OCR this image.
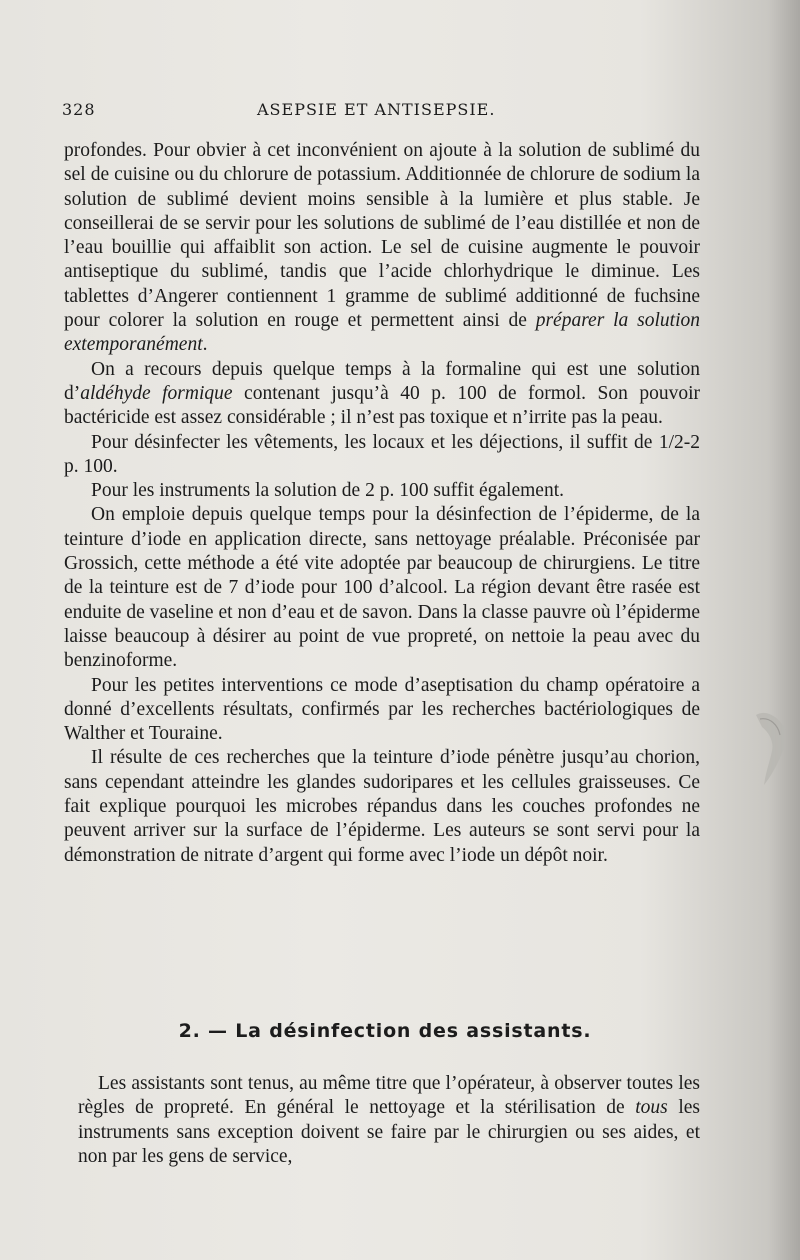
328	ASEPSIE ET ANTISEPSIE.

profondes. Pour obvier à cet inconvénient on ajoute à la solution de sublimé du sel de cuisine ou du chlorure de potassium. Additionnée de chlorure de sodium la solution de sublimé devient moins sensible à la lumière et plus stable. Je conseillerai de se servir pour les solutions de sublimé de l’eau distillée et non de l’eau bouillie qui affaiblit son action. Le sel de cuisine augmente le pouvoir antiseptique du sublimé, tandis que l’acide chlorhydrique le diminue. Les tablettes d’Angerer contiennent 1 gramme de sublimé additionné de fuchsine pour colorer la solution en rouge et permettent ainsi de préparer la solution extemporanément.

On a recours depuis quelque temps à la formaline qui est une solution d’aldéhyde formique contenant jusqu’à 40 p. 100 de formol. Son pouvoir bactéricide est assez considérable ; il n’est pas toxique et n’irrite pas la peau.

Pour désinfecter les vêtements, les locaux et les déjections, il suffit de 1/2-2 p. 100.

Pour les instruments la solution de 2 p. 100 suffit également.

On emploie depuis quelque temps pour la désinfection de l’épiderme, de la teinture d’iode en application directe, sans nettoyage préalable. Préconisée par Grossich, cette méthode a été vite adoptée par beaucoup de chirurgiens. Le titre de la teinture est de 7 d’iode pour 100 d’alcool. La région devant être rasée est enduite de vaseline et non d’eau et de savon. Dans la classe pauvre où l’épiderme laisse beaucoup à désirer au point de vue propreté, on nettoie la peau avec du benzinoforme.

Pour les petites interventions ce mode d’aseptisation du champ opératoire a donné d’excellents résultats, confirmés par les recherches bactériologiques de Walther et Touraine.

Il résulte de ces recherches que la teinture d’iode pénètre jusqu’au chorion, sans cependant atteindre les glandes sudoripares et les cellules graisseuses. Ce fait explique pourquoi les microbes répandus dans les couches profondes ne peuvent arriver sur la surface de l’épiderme. Les auteurs se sont servi pour la démonstration de nitrate d’argent qui forme avec l’iode un dépôt noir.

2. — La désinfection des assistants.

Les assistants sont tenus, au même titre que l’opérateur, à observer toutes les règles de propreté. En général le nettoyage et la stérilisation de tous les instruments sans exception doivent se faire par le chirurgien ou ses aides, et non par les gens de service,
